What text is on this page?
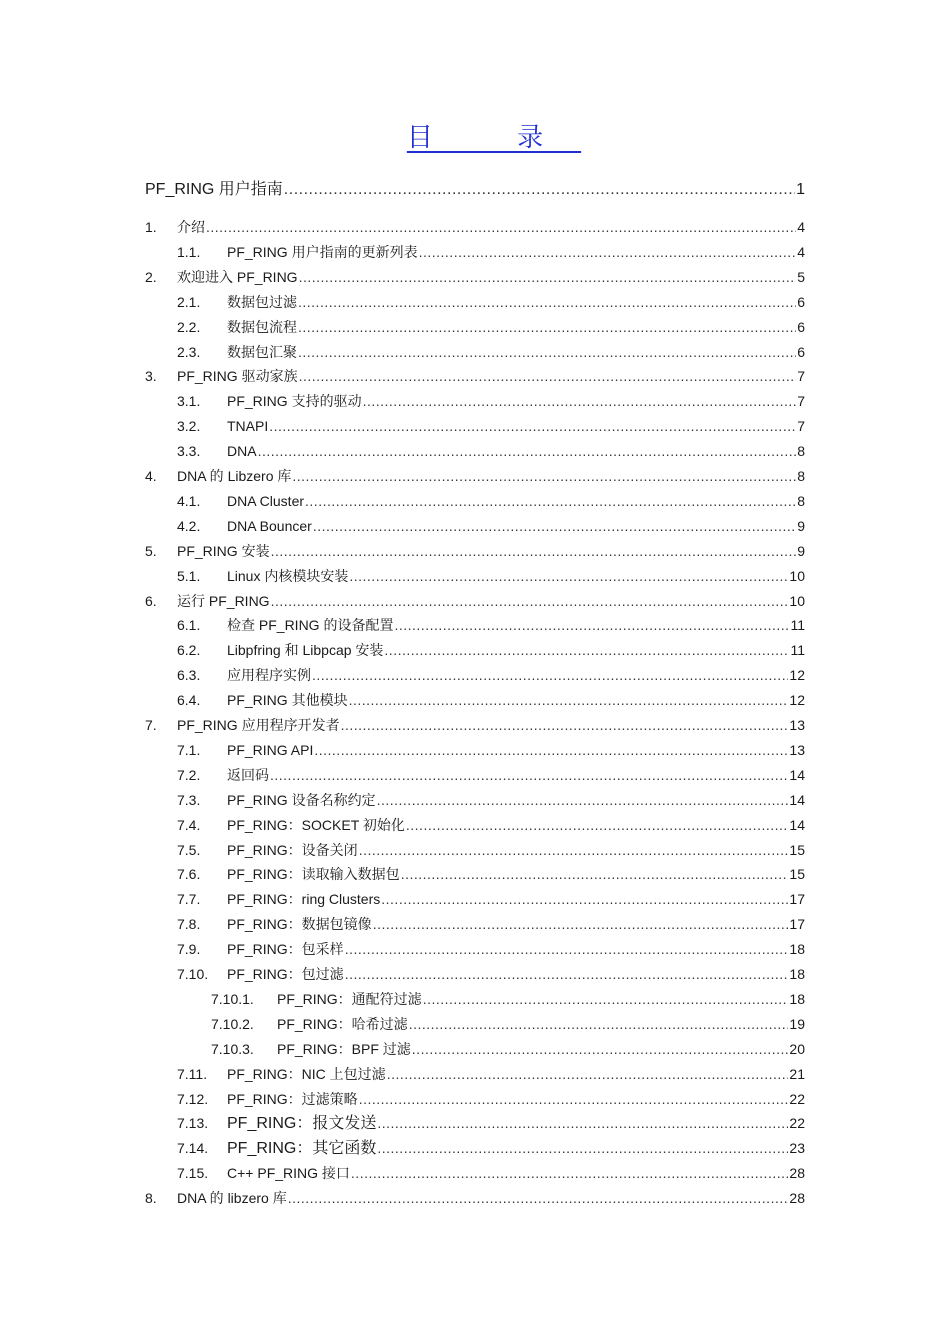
目 录
PF_RING 用户指南 .....	1
1.	介绍 .....	4
1.1.	PF_RING 用户指南的更新列表 .....	4
2.	欢迎进入 PF_RING .....	5
2.1.	数据包过滤 .....	6
2.2.	数据包流程 .....	6
2.3.	数据包汇聚 .....	6
3.	PF_RING 驱动家族 .....	7
3.1.	PF_RING 支持的驱动 .....	7
3.2.	TNAPI .....	7
3.3.	DNA .....	8
4.	DNA 的 Libzero 库 .....	8
4.1.	DNA Cluster .....	8
4.2.	DNA Bouncer .....	9
5.	PF_RING 安装 .....	9
5.1.	Linux 内核模块安装 .....	10
6.	运行 PF_RING .....	10
6.1.	检查 PF_RING 的设备配置 .....	11
6.2.	Libpfring 和 Libpcap 安装 .....	11
6.3.	应用程序实例 .....	12
6.4.	PF_RING 其他模块 .....	12
7.	PF_RING 应用程序开发者 .....	13
7.1.	PF_RING API .....	13
7.2.	返回码 .....	14
7.3.	PF_RING 设备名称约定 .....	14
7.4.	PF_RING：SOCKET 初始化 .....	14
7.5.	PF_RING：设备关闭 .....	15
7.6.	PF_RING：读取输入数据包 .....	15
7.7.	PF_RING：ring Clusters .....	17
7.8.	PF_RING：数据包镜像 .....	17
7.9.	PF_RING：包采样 .....	18
7.10.	PF_RING：包过滤 .....	18
7.10.1.	PF_RING：通配符过滤 .....	18
7.10.2.	PF_RING：哈希过滤 .....	19
7.10.3.	PF_RING：BPF 过滤 .....	20
7.11.	PF_RING：NIC 上包过滤 .....	21
7.12.	PF_RING：过滤策略 .....	22
7.13.	PF_RING：报文发送 .....	22
7.14.	PF_RING：其它函数 .....	23
7.15.	C++ PF_RING 接口 .....	28
8.	DNA 的 libzero 库 .....	28
